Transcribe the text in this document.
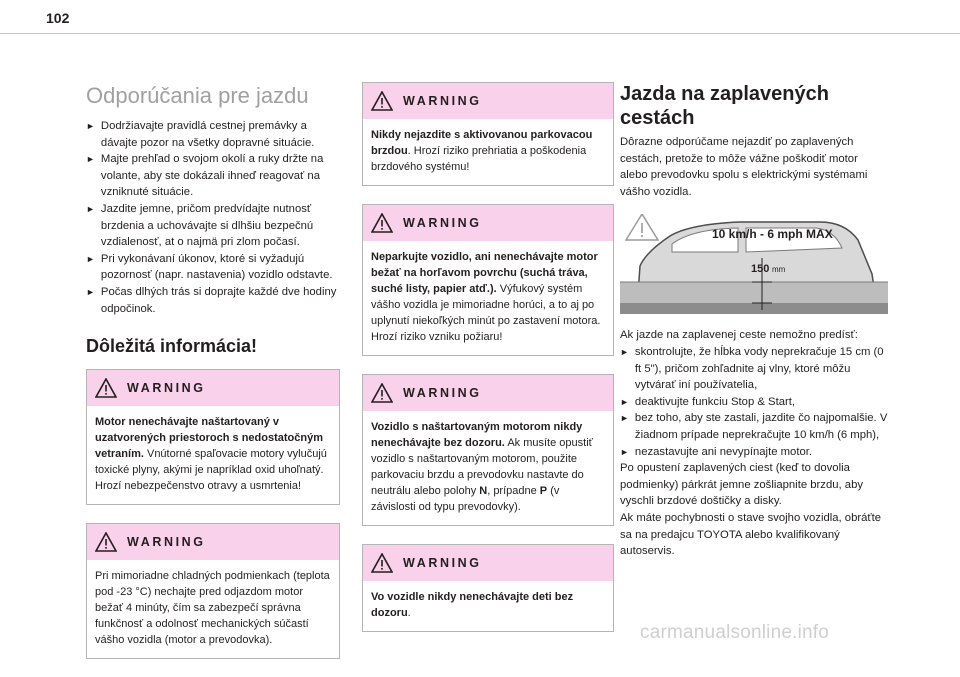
102
Odporúčania pre jazdu

► Dodržiavajte pravidlá cestnej premávky a dávajte pozor na všetky dopravné situácie.

► Majte prehľad o svojom okolí a ruky držte na volante, aby ste dokázali ihneď reagovať na vzniknuté situácie.

► Jazdite jemne, pričom predvídajte nutnosť brzdenia a uchovávajte si dlhšiu bezpečnú vzdialenosť, at o najmä pri zlom počasí.

► Pri vykonávaní úkonov, ktoré si vyžadujú pozornosť (napr. nastavenia) vozidlo odstavte.

► Počas dlhých trás si doprajte každé dve hodiny odpočinok.

Dôležitá informácia!
WARNING
Motor nenechávajte naštartovaný v uzatvorených priestoroch s nedostatočným vetraním. Vnútorné spaľovacie motory vylučujú toxické plyny, akými je napríklad oxid uhoľnatý. Hrozí nebezpečenstvo otravy a usmrtenia!
WARNING
Pri mimoriadne chladných podmienkach (teplota pod -23 °C) nechajte pred odjazdom motor bežať 4 minúty, čím sa zabezpečí správna funkčnosť a odolnosť mechanických súčastí vášho vozidla (motor a prevodovka).
WARNING
Nikdy nejazdite s aktivovanou parkovacou brzdou. Hrozí riziko prehriatia a poškodenia brzdového systému!
WARNING
Neparkujte vozidlo, ani nenechávajte motor bežať na horľavom povrchu (suchá tráva, suché listy, papier atď.). Výfukový systém vášho vozidla je mimoriadne horúci, a to aj po uplynutí niekoľkých minút po zastavení motora. Hrozí riziko vzniku požiaru!
WARNING
Vozidlo s naštartovaným motorom nikdy nenechávajte bez dozoru. Ak musíte opustiť vozidlo s naštartovaným motorom, použite parkovaciu brzdu a prevodovku nastavte do neutrálu alebo polohy N, prípadne P (v závislosti od typu prevodovky).
WARNING
Vo vozidle nikdy nenechávajte deti bez dozoru.
Jazda na zaplavených cestách

Dôrazne odporúčame nejazdiť po zaplavených cestách, pretože to môže vážne poškodiť motor alebo prevodovku spolu s elektrickými systémami vášho vozidla.

10 km/h - 6 mph MAX
150 mm

Ak jazde na zaplavenej ceste nemožno predísť:

► skontrolujte, že hĺbka vody neprekračuje 15 cm (0 ft 5"), pričom zohľadnite aj vlny, ktoré môžu vytvárať iní používatelia,

► deaktivujte funkciu Stop & Start,

► bez toho, aby ste zastali, jazdite čo najpomalšie. V žiadnom prípade neprekračujte 10 km/h (6 mph),

► nezastavujte ani nevypínajte motor.

Po opustení zaplavených ciest (keď to dovolia podmienky) párkrát jemne zošliapnite brzdu, aby vyschli brzdové doštičky a disky.

Ak máte pochybnosti o stave svojho vozidla, obráťte sa na predajcu TOYOTA alebo kvalifikovaný autoservis.

carmanualsonline.info
